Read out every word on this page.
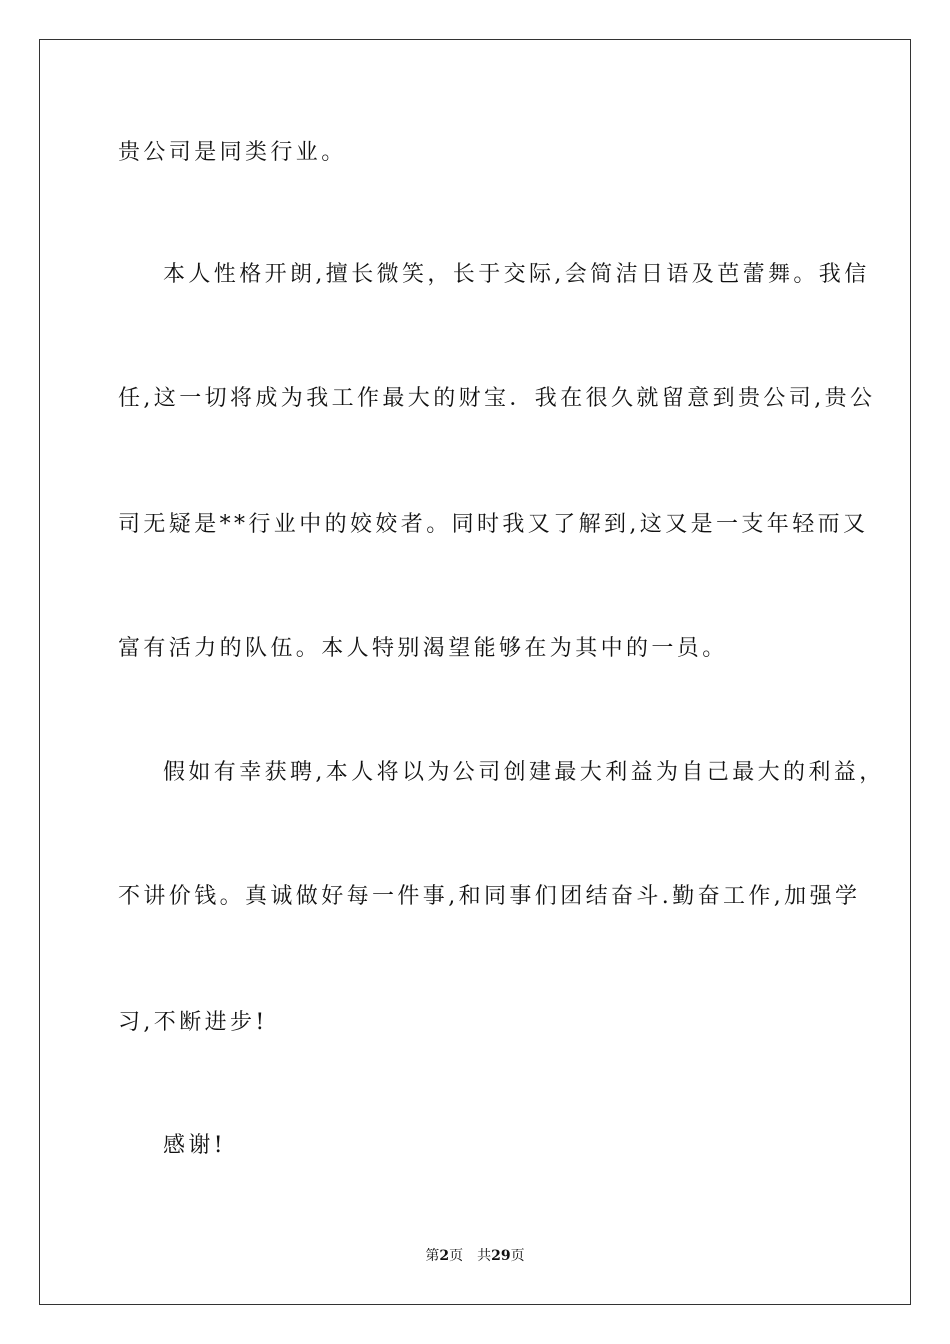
贵公司是同类行业。
本人性格开朗,擅长微笑，长于交际,会简洁日语及芭蕾舞。我信
任,这一切将成为我工作最大的财宝．我在很久就留意到贵公司,贵公
司无疑是**行业中的姣姣者。同时我又了解到,这又是一支年轻而又
富有活力的队伍。本人特别渴望能够在为其中的一员。
假如有幸获聘,本人将以为公司创建最大利益为自己最大的利益，
不讲价钱。真诚做好每一件事,和同事们团结奋斗.勤奋工作,加强学
习,不断进步!
感谢!
第2页 共29页
